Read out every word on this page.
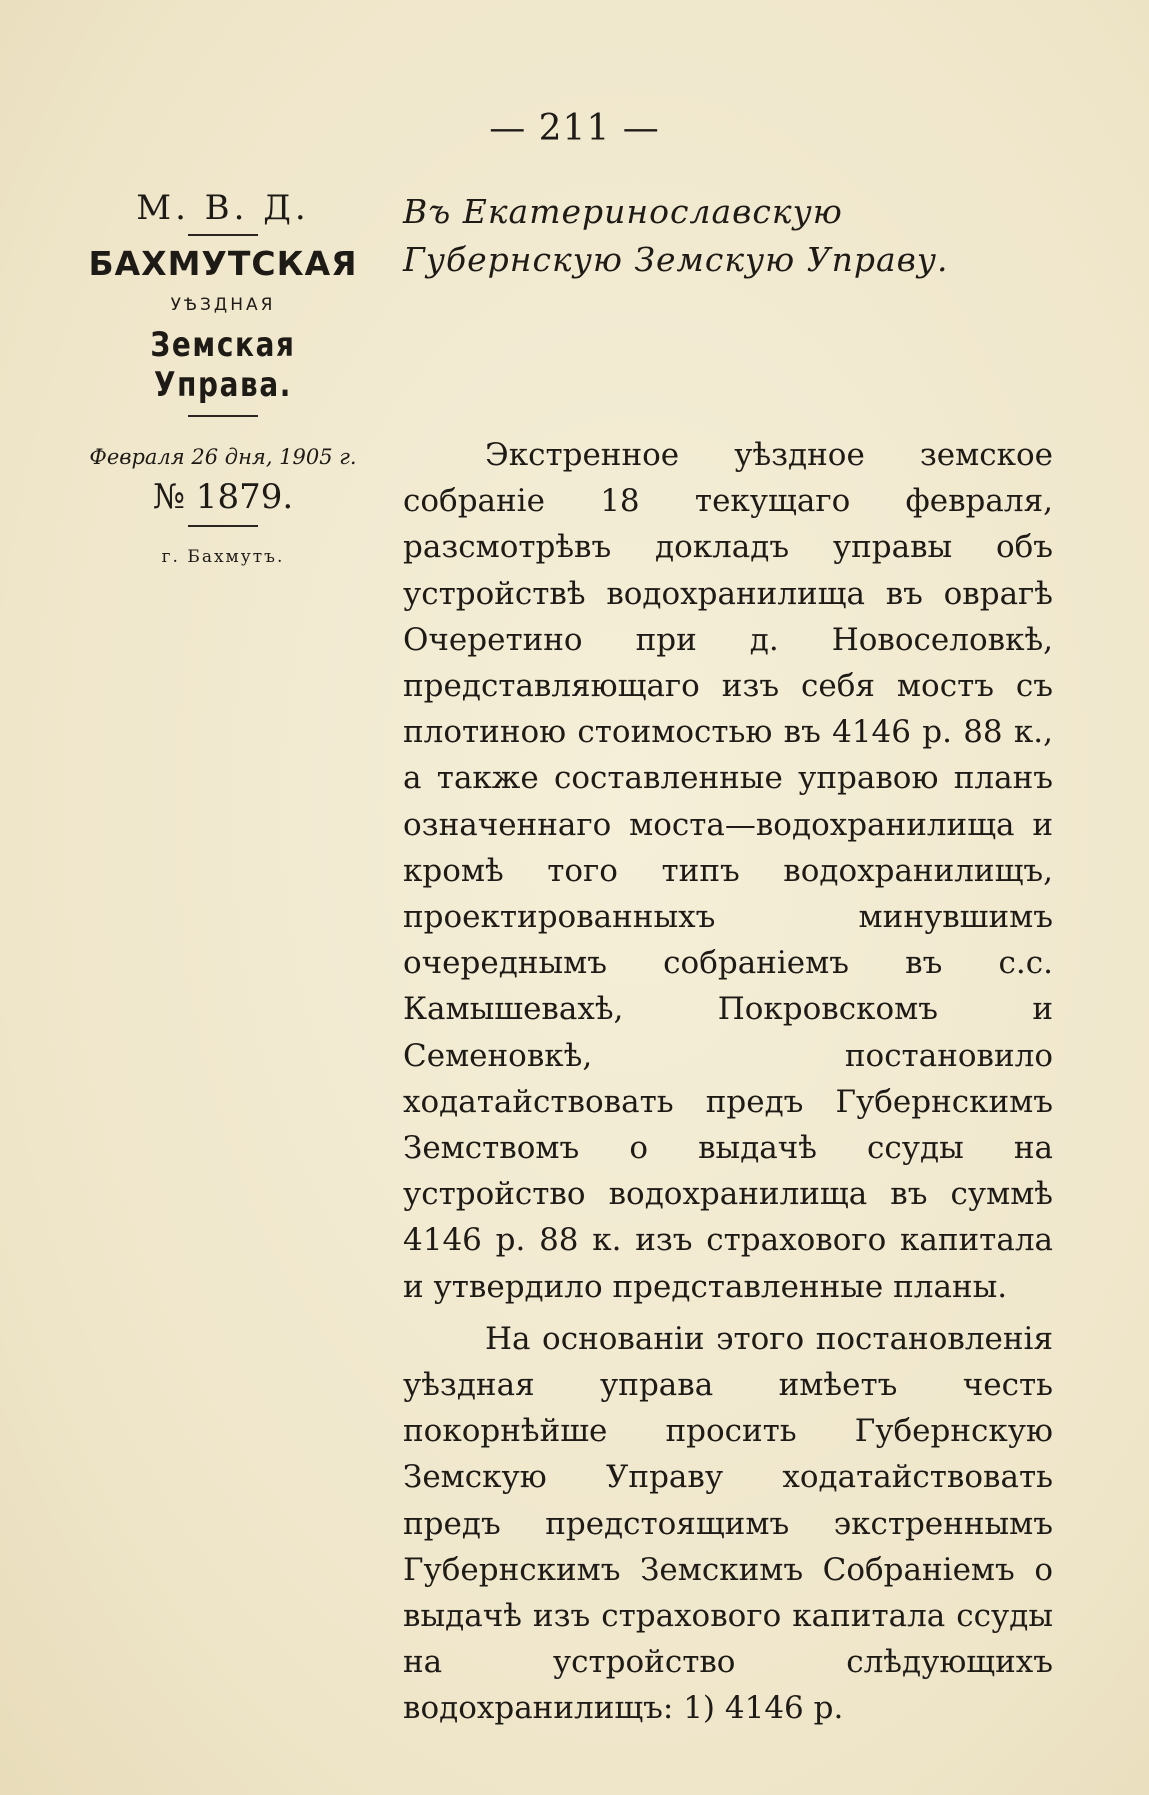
— 211 —
М. В. Д.
БАХМУТСКАЯ
УѢЗДНАЯ
Земская Управа.
Февраля 26 дня, 1905 г.
№ 1879.
г. Бахмутъ.
Въ Екатеринославскую Губернскую Земскую Управу.

Экстренное уѣздное земское собраніе 18 текущаго февраля, разсмотрѣвъ докладъ управы объ устройствѣ водохранилища въ оврагѣ Очеретино при д. Новоселовкѣ, представляющаго изъ себя мостъ съ плотиною стоимостью въ 4146 р. 88 к., а также составленные управою планъ означеннаго моста—водохранилища и кромѣ того типъ водохранилищъ, проектированныхъ минувшимъ очереднымъ собраніемъ въ с.с. Камышевахѣ, Покровскомъ и Семеновкѣ, постановило ходатайствовать предъ Губернскимъ Земствомъ о выдачѣ ссуды на устройство водохранилища въ суммѣ 4146 р. 88 к. изъ страхового капитала и утвердило представленные планы.

На основаніи этого постановленія уѣздная управа имѣетъ честь покорнѣйше просить Губернскую Земскую Управу ходатайствовать предъ предстоящимъ экстреннымъ Губернскимъ Земскимъ Собраніемъ о выдачѣ изъ страхового капитала ссуды на устройство слѣдующихъ водохранилищъ: 1) 4146 р.
